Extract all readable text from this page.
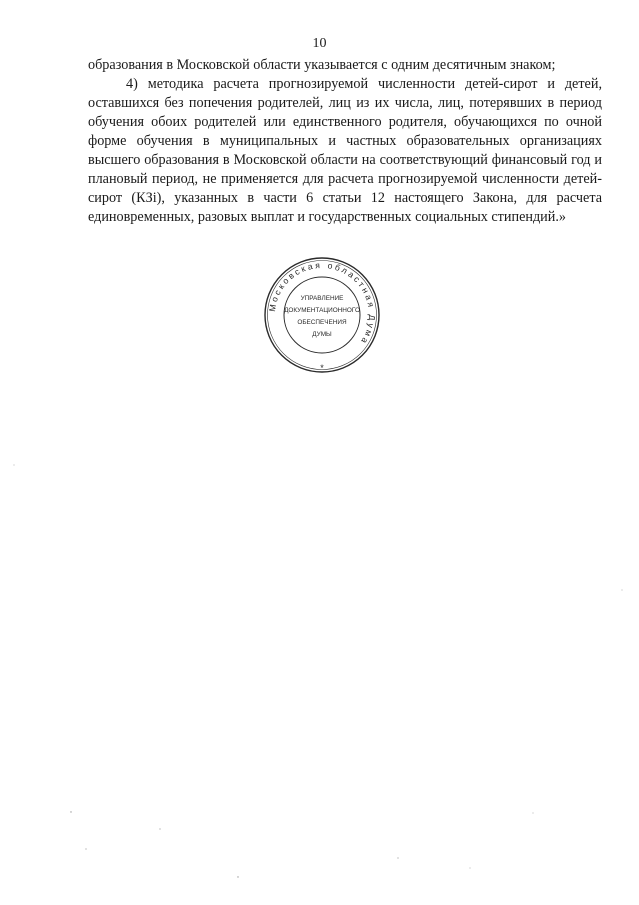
10

образования в Московской области указывается с одним десятичным знаком;

4) методика расчета прогнозируемой численности детей-сирот и детей, оставшихся без попечения родителей, лиц из их числа, лиц, потерявших в период обучения обоих родителей или единственного родителя, обучающихся по очной форме обучения в муниципальных и частных образовательных организациях высшего образования в Московской области на соответствующий финансовый год и плановый период, не применяется для расчета прогнозируемой численности детей-сирот (КЗі), указанных в части 6 статьи 12 настоящего Закона, для расчета единовременных, разовых выплат и государственных социальных стипендий.»

Московская областная Дума
УПРАВЛЕНИЕ
ДОКУМЕНТАЦИОННОГО
ОБЕСПЕЧЕНИЯ
ДУМЫ
*
